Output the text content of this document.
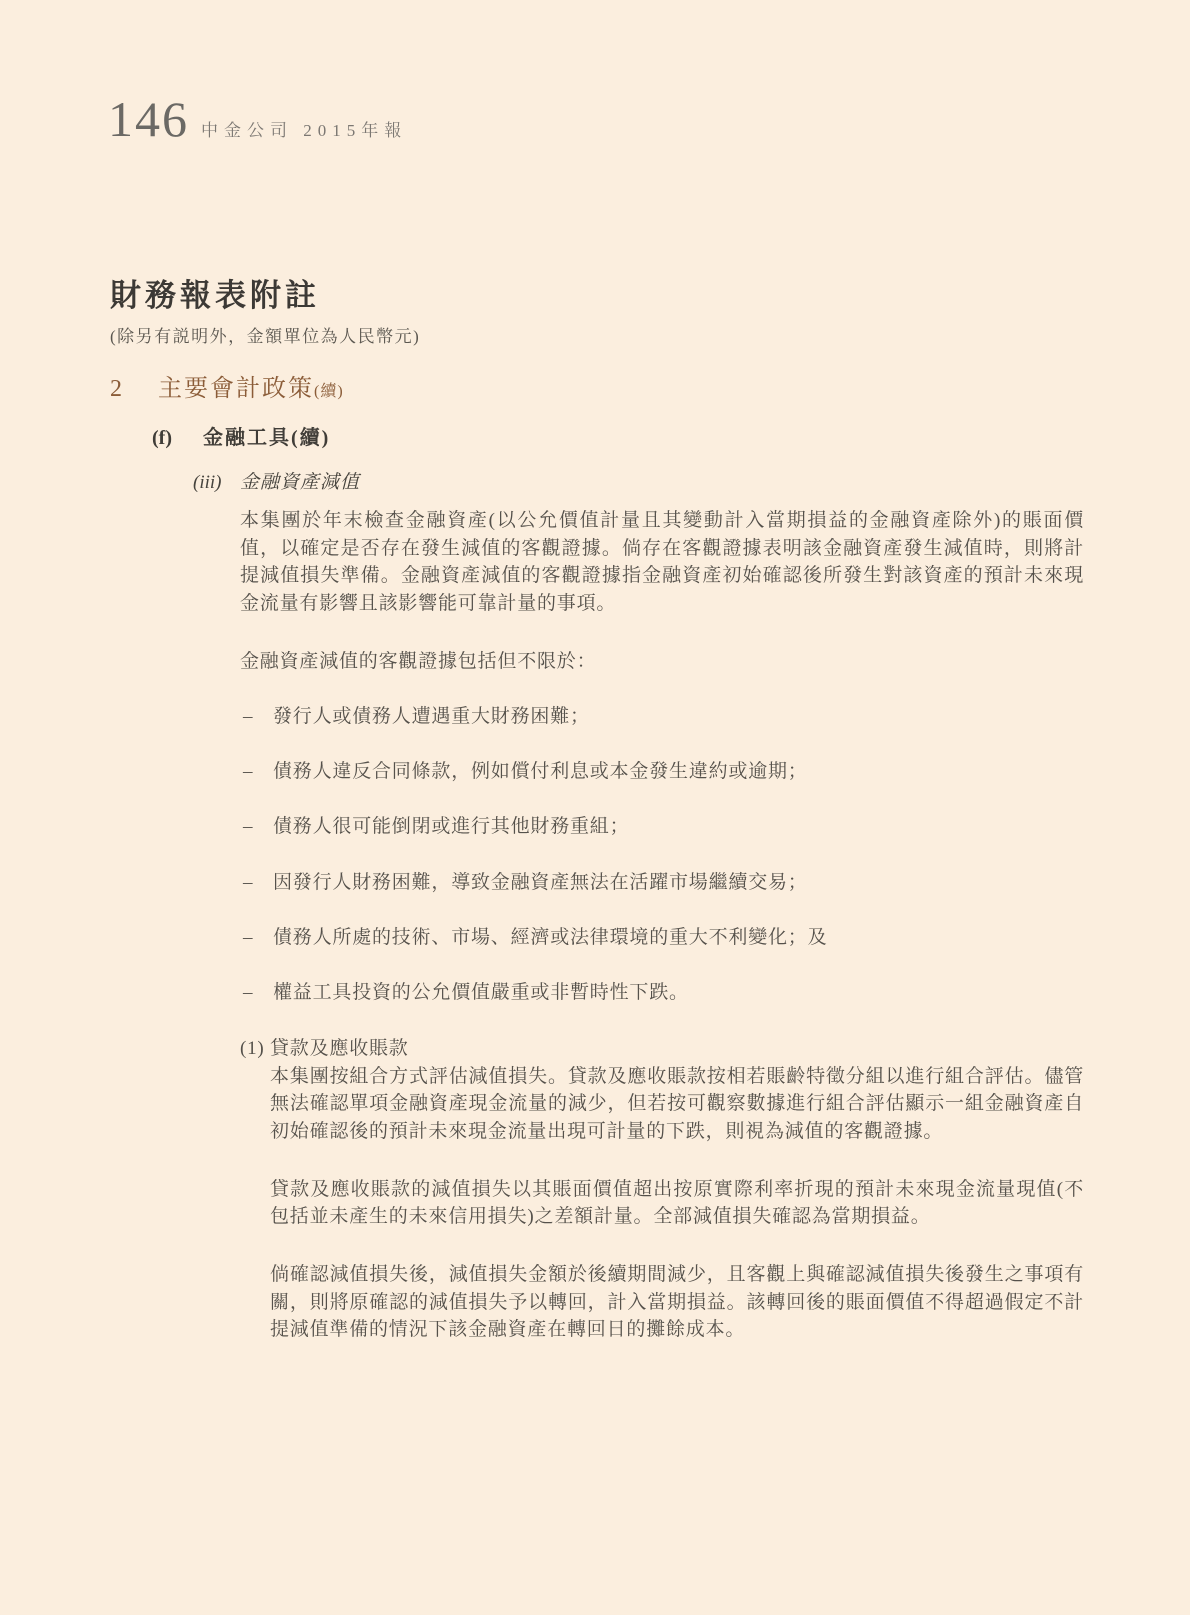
146 中金公司 2015年報
財務報表附註
(除另有説明外，金額單位為人民幣元)
2 主要會計政策(續)
(f) 金融工具(續)
(iii) 金融資產減值

本集團於年末檢查金融資產(以公允價值計量且其變動計入當期損益的金融資產除外)的賬面價值，以確定是否存在發生減值的客觀證據。倘存在客觀證據表明該金融資產發生減值時，則將計提減值損失準備。金融資產減值的客觀證據指金融資產初始確認後所發生對該資產的預計未來現金流量有影響且該影響能可靠計量的事項。

金融資產減值的客觀證據包括但不限於：

–	發行人或債務人遭遇重大財務困難；
–	債務人違反合同條款，例如償付利息或本金發生違約或逾期；
–	債務人很可能倒閉或進行其他財務重組；
–	因發行人財務困難，導致金融資產無法在活躍市場繼續交易；
–	債務人所處的技術、市場、經濟或法律環境的重大不利變化；及
–	權益工具投資的公允價值嚴重或非暫時性下跌。
(1) 貸款及應收賬款

本集團按組合方式評估減值損失。貸款及應收賬款按相若賬齡特徵分組以進行組合評估。儘管無法確認單項金融資產現金流量的減少，但若按可觀察數據進行組合評估顯示一組金融資產自初始確認後的預計未來現金流量出現可計量的下跌，則視為減值的客觀證據。

貸款及應收賬款的減值損失以其賬面價值超出按原實際利率折現的預計未來現金流量現值(不包括並未產生的未來信用損失)之差額計量。全部減值損失確認為當期損益。

倘確認減值損失後，減值損失金額於後續期間減少，且客觀上與確認減值損失後發生之事項有關，則將原確認的減值損失予以轉回，計入當期損益。該轉回後的賬面價值不得超過假定不計提減值準備的情況下該金融資產在轉回日的攤餘成本。
